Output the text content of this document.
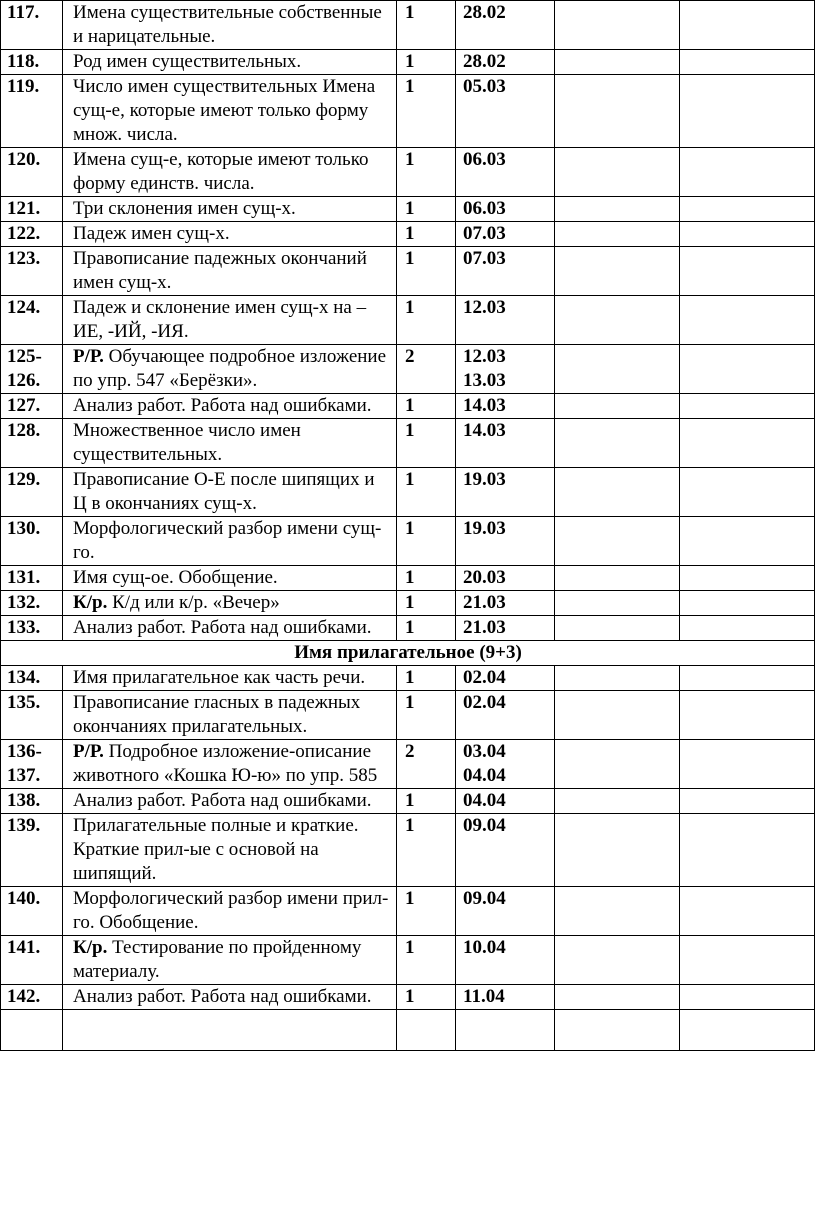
117.	Имена существительные собственные и нарицательные.	1	28.02		
118.	Род имен существительных.	1	28.02		
119.	Число имен существительных Имена сущ-е, которые имеют только форму множ. числа.	1	05.03		
120.	Имена сущ-е, которые имеют только форму единств. числа.	1	06.03		
121.	Три склонения имен сущ-х.	1	06.03		
122.	Падеж имен сущ-х.	1	07.03		
123.	Правописание падежных окончаний имен сущ-х.	1	07.03		
124.	Падеж и склонение имен сущ-х на –ИЕ, -ИЙ, -ИЯ.	1	12.03		
125-126.	Р/Р. Обучающее подробное изложение по упр. 547 «Берёзки».	2	12.03 13.03		
127.	Анализ работ. Работа над ошибками.	1	14.03		
128.	Множественное число имен существительных.	1	14.03		
129.	Правописание О-Е после шипящих и Ц в окончаниях сущ-х.	1	19.03		
130.	Морфологический разбор имени сущ-го.	1	19.03		
131.	Имя сущ-ое. Обобщение.	1	20.03		
132.	К/р. К/д или к/р. «Вечер»	1	21.03		
133.	Анализ работ. Работа над ошибками.	1	21.03		
Имя прилагательное (9+3)					
134.	Имя прилагательное как часть речи.	1	02.04		
135.	Правописание гласных в падежных окончаниях прилагательных.	1	02.04		
136-137.	Р/Р. Подробное изложение-описание животного «Кошка Ю-ю» по упр. 585	2	03.04 04.04		
138.	Анализ работ. Работа над ошибками.	1	04.04		
139.	Прилагательные полные и краткие. Краткие прил-ые с основой на шипящий.	1	09.04		
140.	Морфологический разбор имени прил-го. Обобщение.	1	09.04		
141.	К/р. Тестирование по пройденному материалу.	1	10.04		
142.	Анализ работ. Работа над ошибками.	1	11.04		
